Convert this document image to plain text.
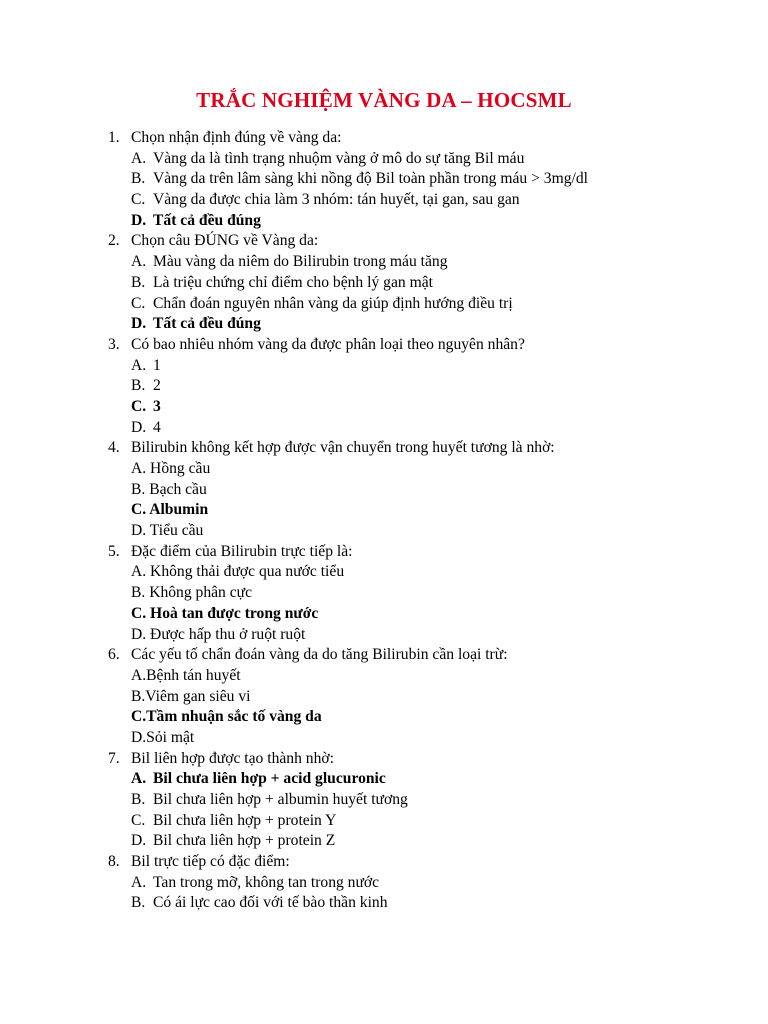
TRẮC NGHIỆM VÀNG DA – HOCSML
1. Chọn nhận định đúng về vàng da:
A. Vàng da là tình trạng nhuộm vàng ở mô do sự tăng Bil máu
B. Vàng da trên lâm sàng khi nồng độ Bil toàn phần trong máu > 3mg/dl
C. Vàng da được chia làm 3 nhóm: tán huyết, tại gan, sau gan
D. Tất cả đều đúng
2. Chọn câu ĐÚNG về Vàng da:
A. Màu vàng da niêm do Bilirubin trong máu tăng
B. Là triệu chứng chỉ điểm cho bệnh lý gan mật
C. Chẩn đoán nguyên nhân vàng da giúp định hướng điều trị
D. Tất cả đều đúng
3. Có bao nhiêu nhóm vàng da được phân loại theo nguyên nhân?
A. 1
B. 2
C. 3
D. 4
4. Bilirubin không kết hợp được vận chuyển trong huyết tương là nhờ:
A. Hồng cầu
B. Bạch cầu
C. Albumin
D. Tiểu cầu
5. Đặc điểm của Bilirubin trực tiếp là:
A. Không thải được qua nước tiểu
B. Không phân cực
C. Hoà tan được trong nước
D. Được hấp thu ở ruột ruột
6. Các yếu tố chẩn đoán vàng da do tăng Bilirubin cần loại trừ:
A.Bệnh tán huyết
B.Viêm gan siêu vi
C.Tầm nhuận sắc tố vàng da
D.Sỏi mật
7. Bil liên hợp được tạo thành nhờ:
A. Bil chưa liên hợp + acid glucuronic
B. Bil chưa liên hợp + albumin huyết tương
C. Bil chưa liên hợp + protein Y
D. Bil chưa liên hợp + protein Z
8. Bil trực tiếp có đặc điểm:
A. Tan trong mỡ, không tan trong nước
B. Có ái lực cao đối với tế bào thần kinh
